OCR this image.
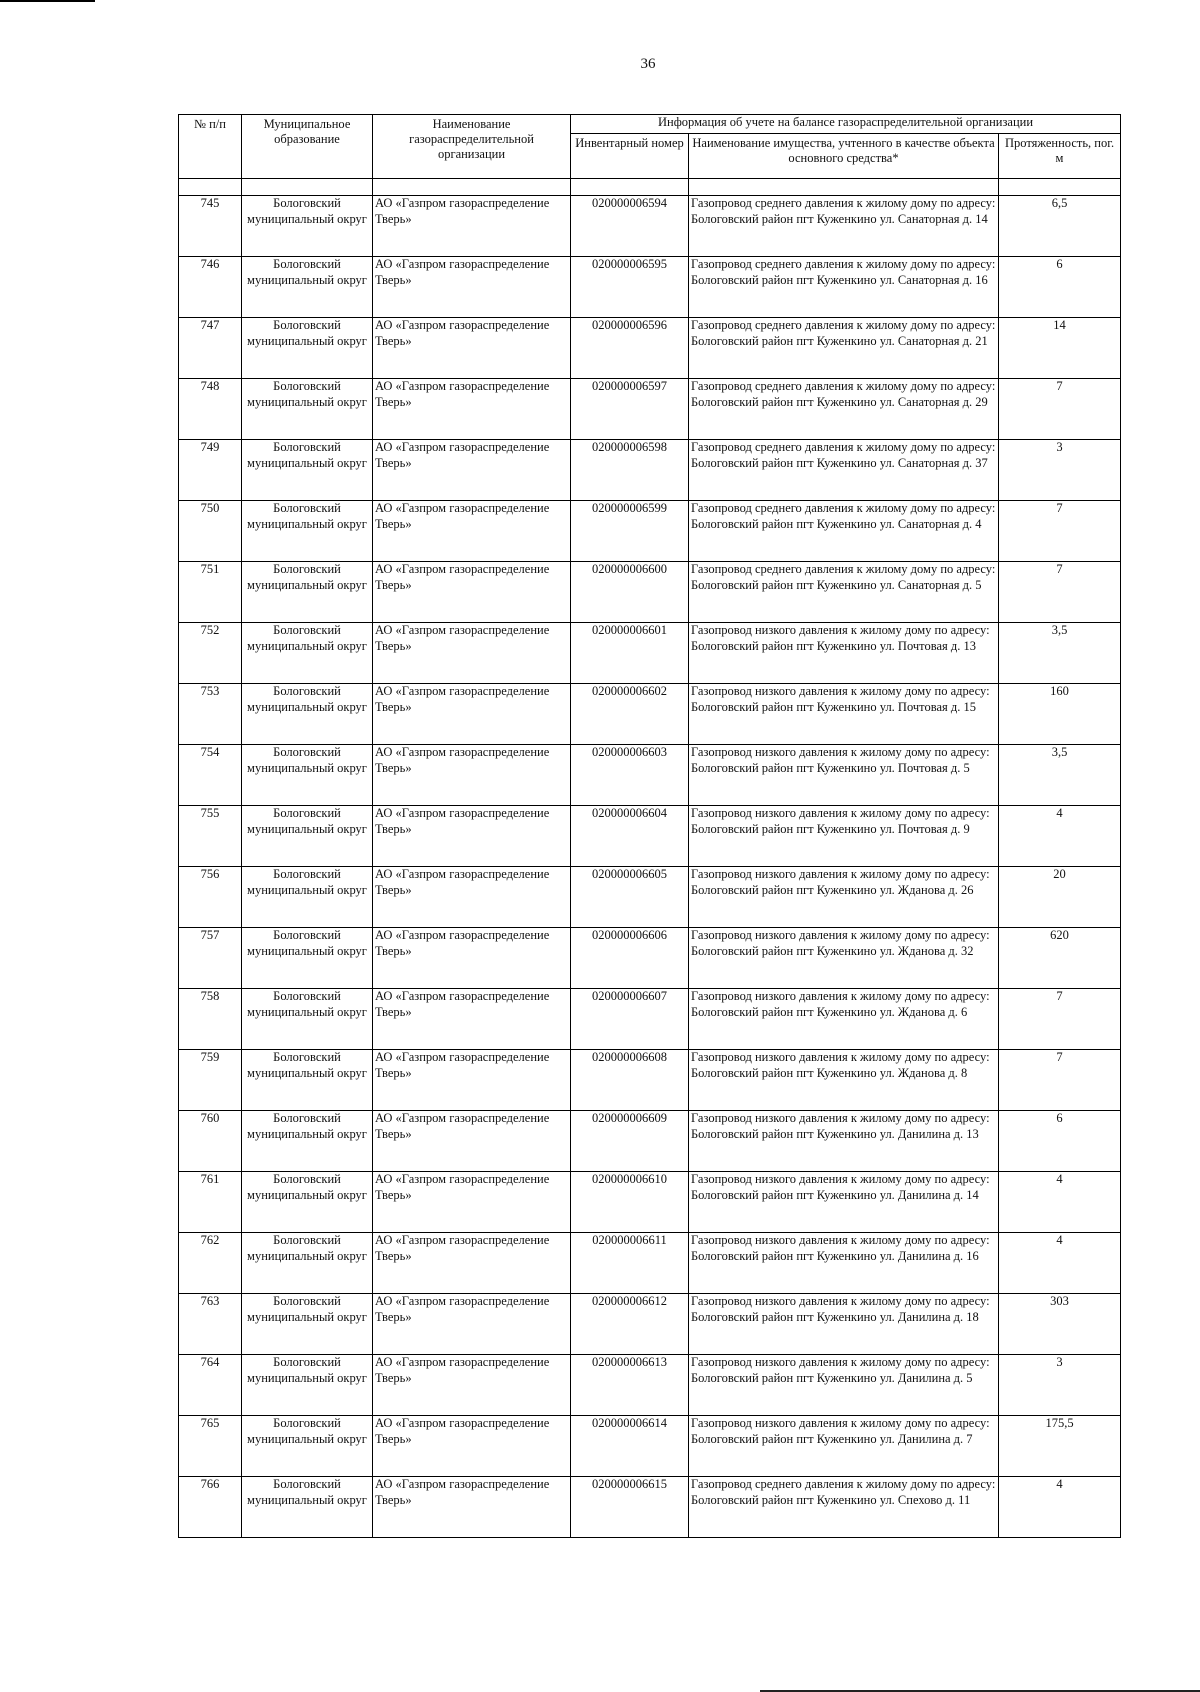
36
№ п/п	Муниципальное образование	Наименование газораспределительной организации	Информация об учете на балансе газораспределительной организации		
			Инвентарный номер	Наименование имущества, учтенного в качестве объекта основного средства*	Протяженность, пог. м

745	Бологовский муниципальный округ	АО «Газпром газораспределение Тверь»	020000006594	Газопровод среднего давления к жилому дому по адресу: Бологовский район пгт Куженкино ул. Санаторная д. 14	6,5
746	Бологовский муниципальный округ	АО «Газпром газораспределение Тверь»	020000006595	Газопровод среднего давления к жилому дому по адресу: Бологовский район пгт Куженкино ул. Санаторная д. 16	6
747	Бологовский муниципальный округ	АО «Газпром газораспределение Тверь»	020000006596	Газопровод среднего давления к жилому дому по адресу: Бологовский район пгт Куженкино ул. Санаторная д. 21	14
748	Бологовский муниципальный округ	АО «Газпром газораспределение Тверь»	020000006597	Газопровод среднего давления к жилому дому по адресу: Бологовский район пгт Куженкино ул. Санаторная д. 29	7
749	Бологовский муниципальный округ	АО «Газпром газораспределение Тверь»	020000006598	Газопровод среднего давления к жилому дому по адресу: Бологовский район пгт Куженкино ул. Санаторная д. 37	3
750	Бологовский муниципальный округ	АО «Газпром газораспределение Тверь»	020000006599	Газопровод среднего давления к жилому дому по адресу: Бологовский район пгт Куженкино ул. Санаторная д. 4	7
751	Бологовский муниципальный округ	АО «Газпром газораспределение Тверь»	020000006600	Газопровод среднего давления к жилому дому по адресу: Бологовский район пгт Куженкино ул. Санаторная д. 5	7
752	Бологовский муниципальный округ	АО «Газпром газораспределение Тверь»	020000006601	Газопровод низкого давления к жилому дому по адресу: Бологовский район пгт Куженкино ул. Почтовая д. 13	3,5
753	Бологовский муниципальный округ	АО «Газпром газораспределение Тверь»	020000006602	Газопровод низкого давления к жилому дому по адресу: Бологовский район пгт Куженкино ул. Почтовая д. 15	160
754	Бологовский муниципальный округ	АО «Газпром газораспределение Тверь»	020000006603	Газопровод низкого давления к жилому дому по адресу: Бологовский район пгт Куженкино ул. Почтовая д. 5	3,5
755	Бологовский муниципальный округ	АО «Газпром газораспределение Тверь»	020000006604	Газопровод низкого давления к жилому дому по адресу: Бологовский район пгт Куженкино ул. Почтовая д. 9	4
756	Бологовский муниципальный округ	АО «Газпром газораспределение Тверь»	020000006605	Газопровод низкого давления к жилому дому по адресу: Бологовский район пгт Куженкино ул. Жданова д. 26	20
757	Бологовский муниципальный округ	АО «Газпром газораспределение Тверь»	020000006606	Газопровод низкого давления к жилому дому по адресу: Бологовский район пгт Куженкино ул. Жданова д. 32	620
758	Бологовский муниципальный округ	АО «Газпром газораспределение Тверь»	020000006607	Газопровод низкого давления к жилому дому по адресу: Бологовский район пгт Куженкино ул. Жданова д. 6	7
759	Бологовский муниципальный округ	АО «Газпром газораспределение Тверь»	020000006608	Газопровод низкого давления к жилому дому по адресу: Бологовский район пгт Куженкино ул. Жданова д. 8	7
760	Бологовский муниципальный округ	АО «Газпром газораспределение Тверь»	020000006609	Газопровод низкого давления к жилому дому по адресу: Бологовский район пгт Куженкино ул. Данилина д. 13	6
761	Бологовский муниципальный округ	АО «Газпром газораспределение Тверь»	020000006610	Газопровод низкого давления к жилому дому по адресу: Бологовский район пгт Куженкино ул. Данилина д. 14	4
762	Бологовский муниципальный округ	АО «Газпром газораспределение Тверь»	020000006611	Газопровод низкого давления к жилому дому по адресу: Бологовский район пгт Куженкино ул. Данилина д. 16	4
763	Бологовский муниципальный округ	АО «Газпром газораспределение Тверь»	020000006612	Газопровод низкого давления к жилому дому по адресу: Бологовский район пгт Куженкино ул. Данилина д. 18	303
764	Бологовский муниципальный округ	АО «Газпром газораспределение Тверь»	020000006613	Газопровод низкого давления к жилому дому по адресу: Бологовский район пгт Куженкино ул. Данилина д. 5	3
765	Бологовский муниципальный округ	АО «Газпром газораспределение Тверь»	020000006614	Газопровод низкого давления к жилому дому по адресу: Бологовский район пгт Куженкино ул. Данилина д. 7	175,5
766	Бологовский муниципальный округ	АО «Газпром газораспределение Тверь»	020000006615	Газопровод среднего давления к жилому дому по адресу: Бологовский район пгт Куженкино ул. Спехово д. 11	4
